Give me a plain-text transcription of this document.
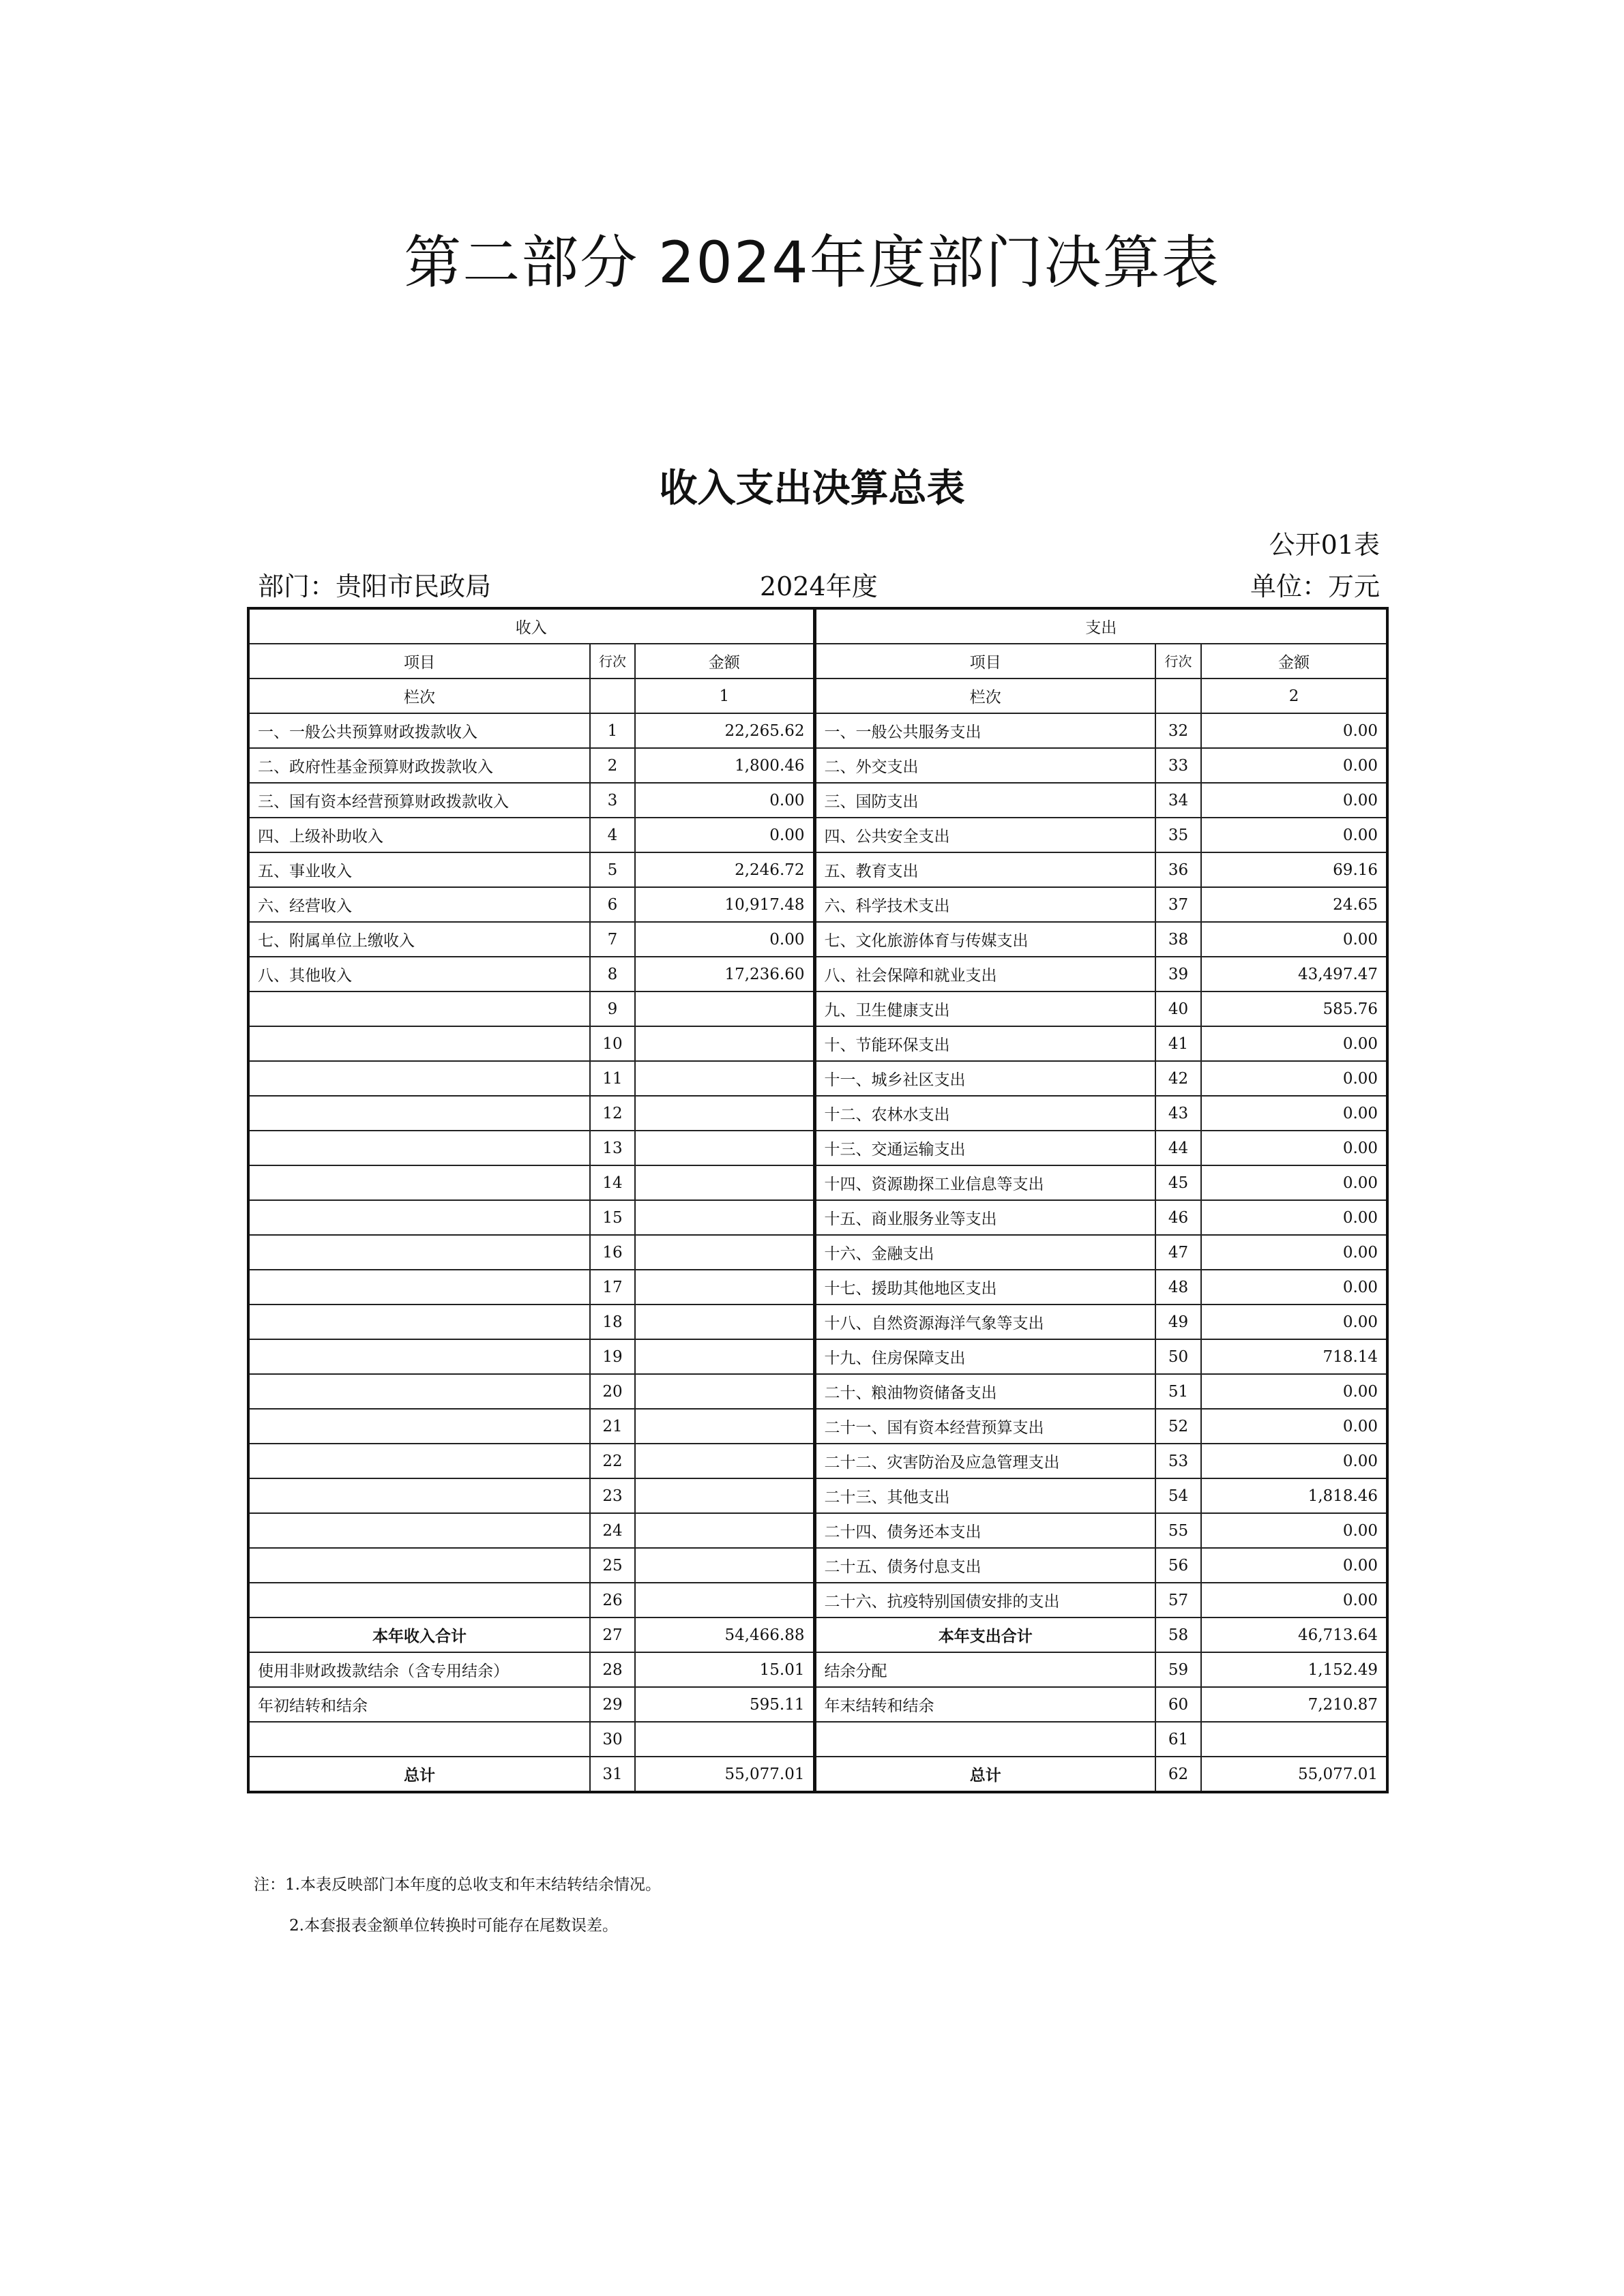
第二部分 2024年度部门决算表
收入支出决算总表
公开01表
部门：贵阳市民政局	2024年度	单位：万元
收入			支出		
项目	行次	金额	项目	行次	金额
栏次		1	栏次		2
一、一般公共预算财政拨款收入	1	22,265.62	一、一般公共服务支出	32	0.00
二、政府性基金预算财政拨款收入	2	1,800.46	二、外交支出	33	0.00
三、国有资本经营预算财政拨款收入	3	0.00	三、国防支出	34	0.00
四、上级补助收入	4	0.00	四、公共安全支出	35	0.00
五、事业收入	5	2,246.72	五、教育支出	36	69.16
六、经营收入	6	10,917.48	六、科学技术支出	37	24.65
七、附属单位上缴收入	7	0.00	七、文化旅游体育与传媒支出	38	0.00
八、其他收入	8	17,236.60	八、社会保障和就业支出	39	43,497.47
	9		九、卫生健康支出	40	585.76
	10		十、节能环保支出	41	0.00
	11		十一、城乡社区支出	42	0.00
	12		十二、农林水支出	43	0.00
	13		十三、交通运输支出	44	0.00
	14		十四、资源勘探工业信息等支出	45	0.00
	15		十五、商业服务业等支出	46	0.00
	16		十六、金融支出	47	0.00
	17		十七、援助其他地区支出	48	0.00
	18		十八、自然资源海洋气象等支出	49	0.00
	19		十九、住房保障支出	50	718.14
	20		二十、粮油物资储备支出	51	0.00
	21		二十一、国有资本经营预算支出	52	0.00
	22		二十二、灾害防治及应急管理支出	53	0.00
	23		二十三、其他支出	54	1,818.46
	24		二十四、债务还本支出	55	0.00
	25		二十五、债务付息支出	56	0.00
	26		二十六、抗疫特别国债安排的支出	57	0.00
本年收入合计	27	54,466.88	本年支出合计	58	46,713.64
使用非财政拨款结余（含专用结余）	28	15.01	结余分配	59	1,152.49
年初结转和结余	29	595.11	年末结转和结余	60	7,210.87
	30			61	
总计	31	55,077.01	总计	62	55,077.01
注：1.本表反映部门本年度的总收支和年末结转结余情况。
2.本套报表金额单位转换时可能存在尾数误差。
